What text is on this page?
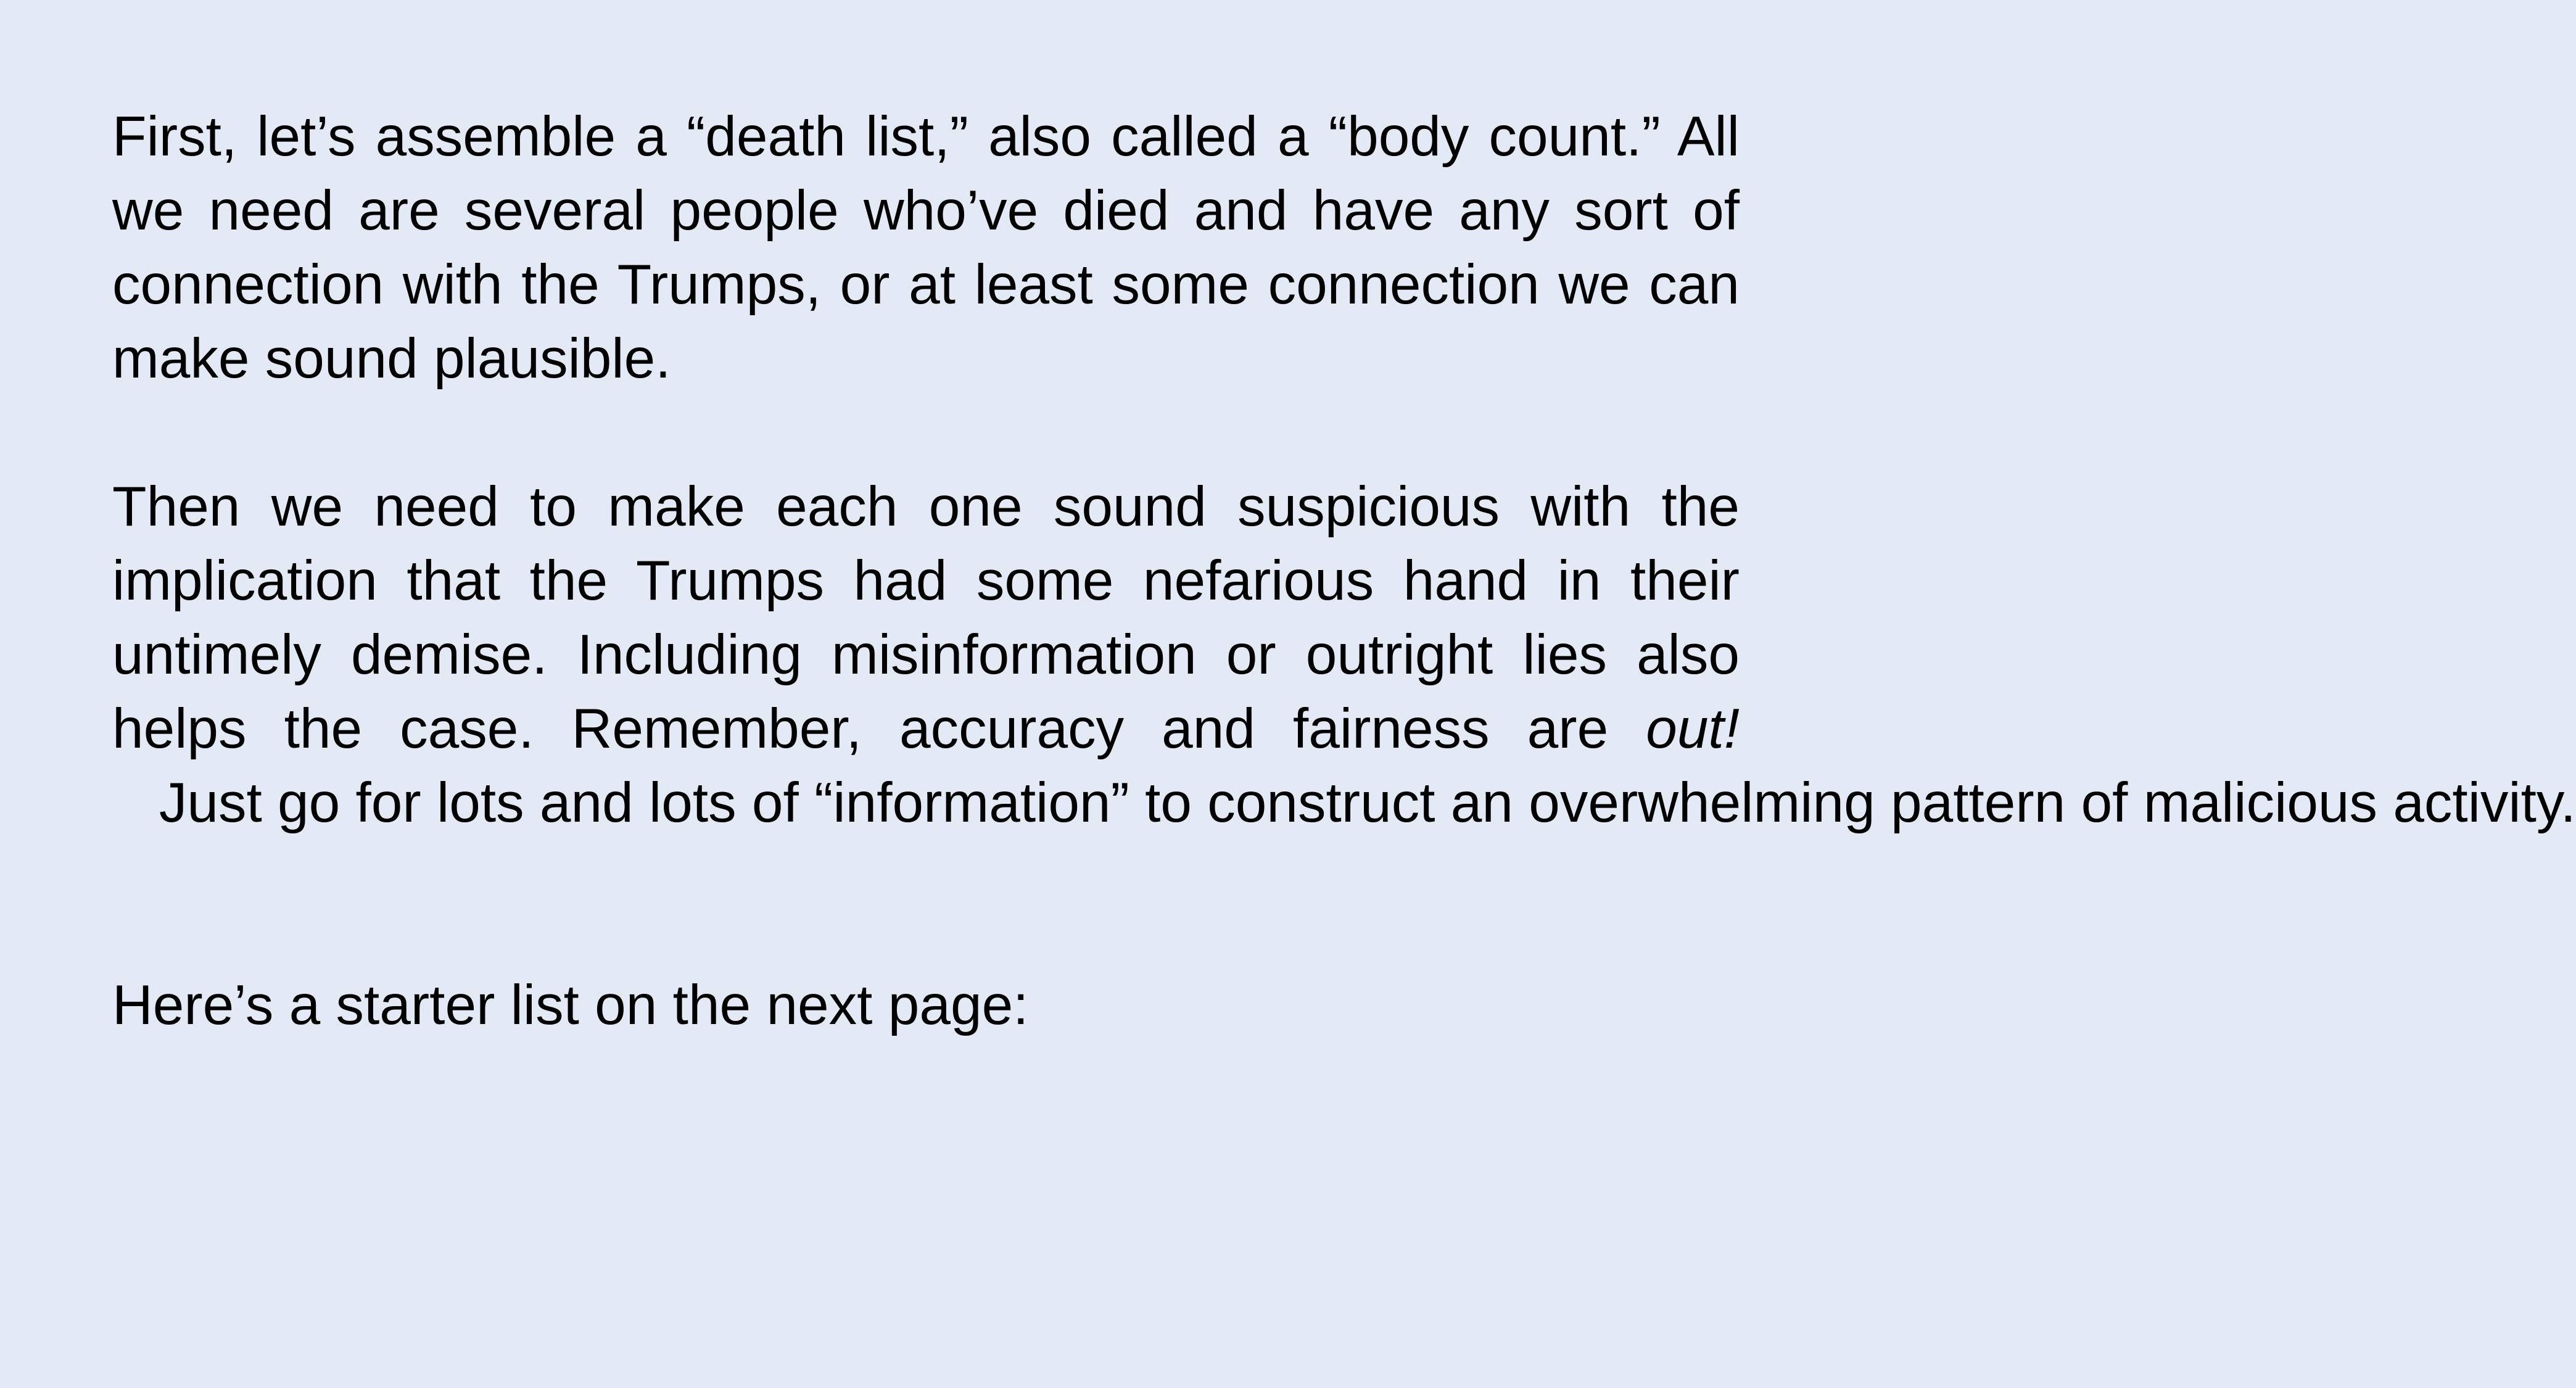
First, let’s assemble a “death list,” also called a “body count.” All we need are several people who’ve died and have any sort of connection with the Trumps, or at least some connection we can make sound plausible.

Then we need to make each one sound suspicious with the implication that the Trumps had some nefarious hand in their untimely demise. Including misinformation or outright lies also helps the case. Remember, accuracy and fairness are out!   Just go for lots and lots of “information” to construct an overwhelming pattern of malicious activity.

Here’s a starter list on the next page:
